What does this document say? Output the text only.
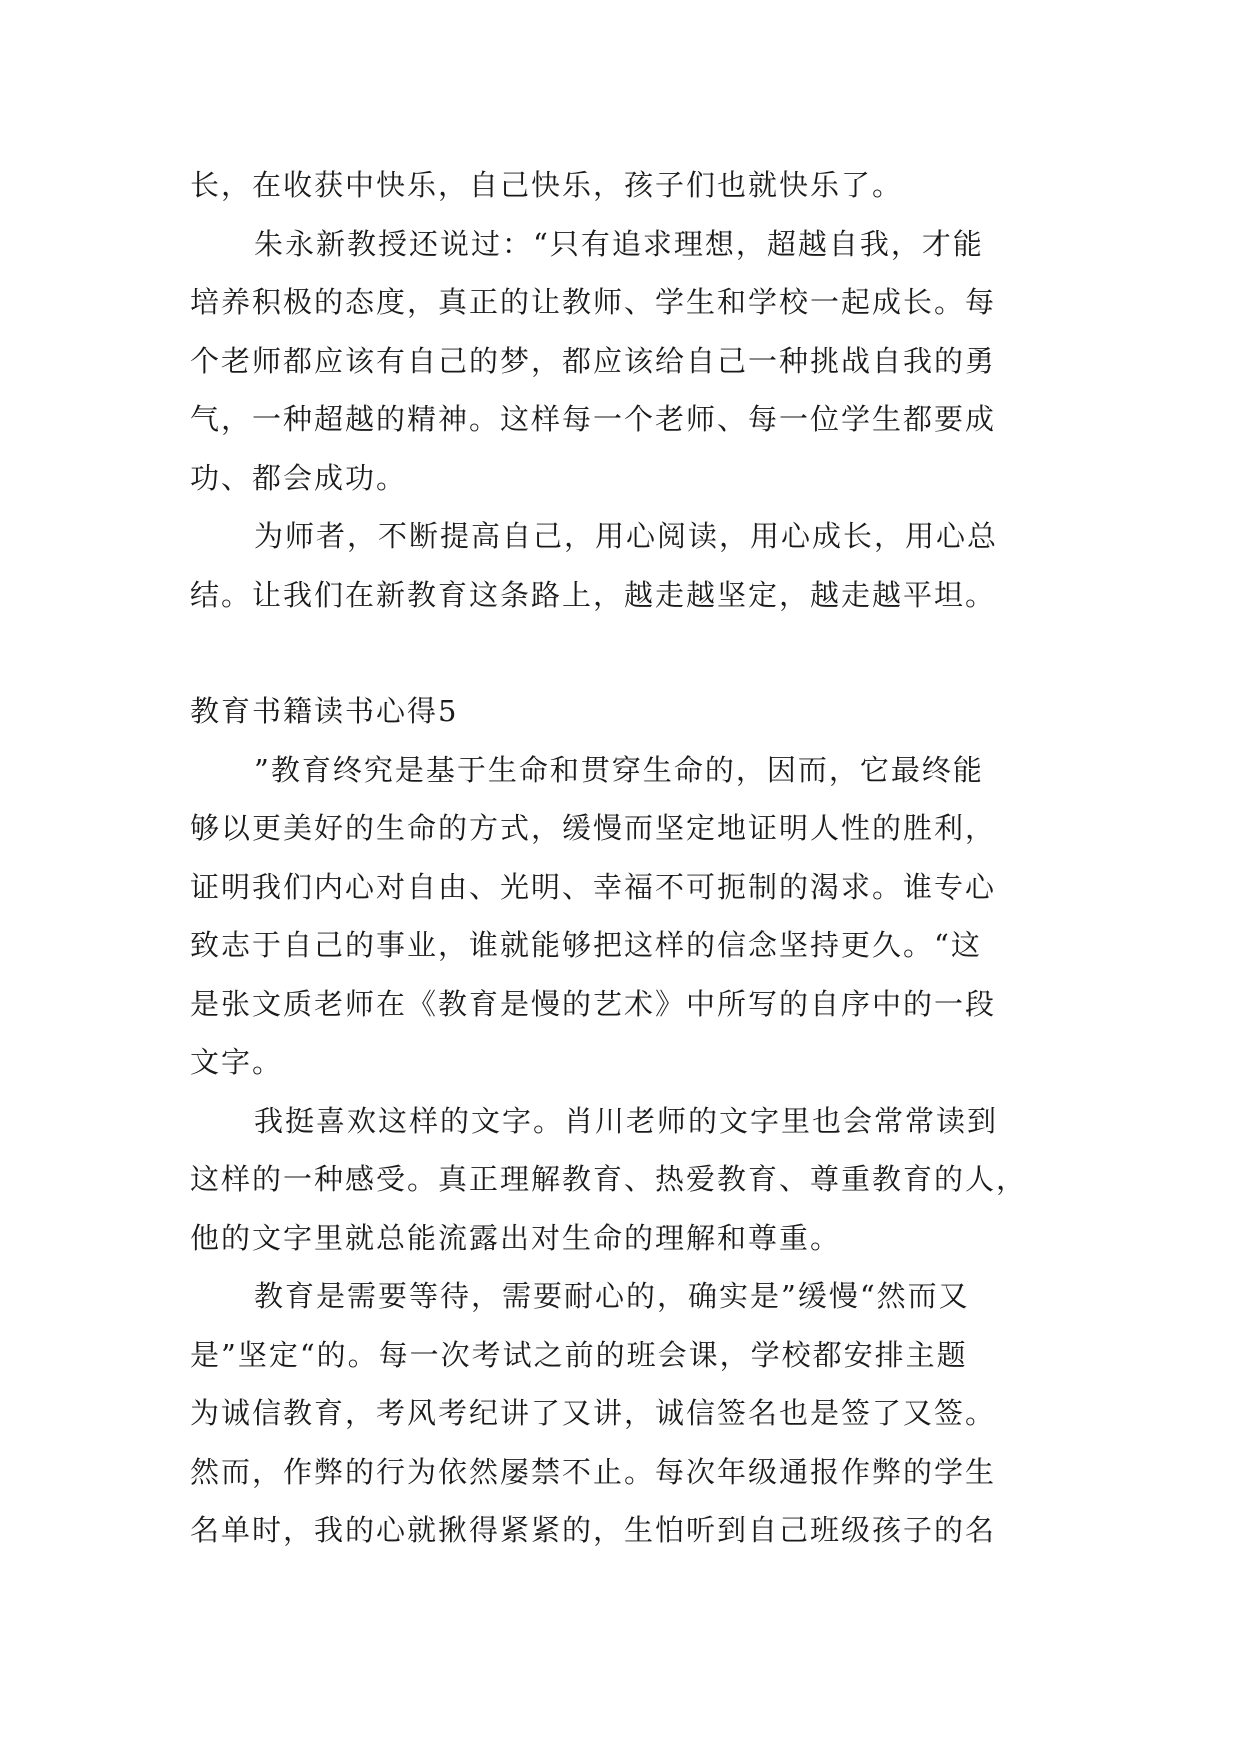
长，在收获中快乐，自己快乐，孩子们也就快乐了。
朱永新教授还说过：“只有追求理想，超越自我，才能
培养积极的态度，真正的让教师、学生和学校一起成长。每
个老师都应该有自己的梦，都应该给自己一种挑战自我的勇
气，一种超越的精神。这样每一个老师、每一位学生都要成
功、都会成功。
为师者，不断提高自己，用心阅读，用心成长，用心总
结。让我们在新教育这条路上，越走越坚定，越走越平坦。
教育书籍读书心得5
”教育终究是基于生命和贯穿生命的，因而，它最终能
够以更美好的生命的方式，缓慢而坚定地证明人性的胜利，
证明我们内心对自由、光明、幸福不可扼制的渴求。谁专心
致志于自己的事业，谁就能够把这样的信念坚持更久。“这
是张文质老师在《教育是慢的艺术》中所写的自序中的一段
文字。
我挺喜欢这样的文字。肖川老师的文字里也会常常读到
这样的一种感受。真正理解教育、热爱教育、尊重教育的人，
他的文字里就总能流露出对生命的理解和尊重。
教育是需要等待，需要耐心的，确实是”缓慢“然而又
是”坚定“的。每一次考试之前的班会课，学校都安排主题
为诚信教育，考风考纪讲了又讲，诚信签名也是签了又签。
然而，作弊的行为依然屡禁不止。每次年级通报作弊的学生
名单时，我的心就揪得紧紧的，生怕听到自己班级孩子的名
